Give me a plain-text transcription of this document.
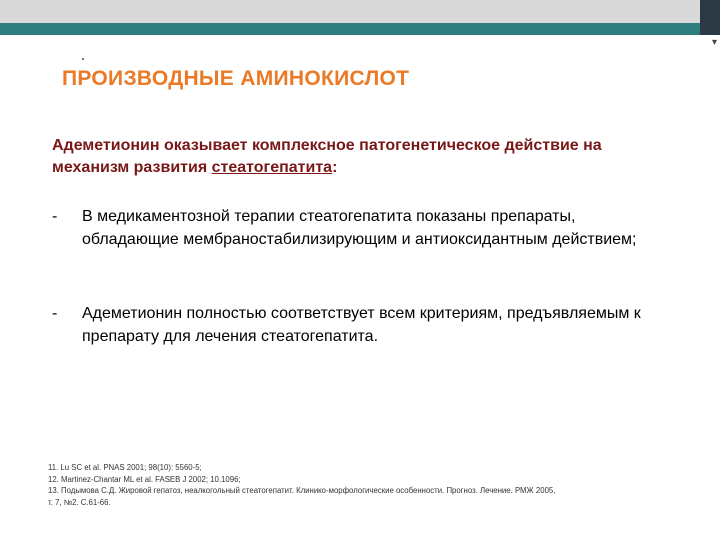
▾
ПРОИЗВОДНЫЕ АМИНОКИСЛОТ

Адеметионин оказывает комплексное патогенетическое действие на механизм развития стеатогепатита:

- В медикаментозной терапии стеатогепатита показаны препараты, обладающие мембраностабилизирующим и антиоксидантным действием;
- Адеметионин полностью соответствует всем критериям, предъявляемым к препарату для лечения стеатогепатита.
11. Lu SC et al. PNAS 2001; 98(10): 5560-5;
12. Martinez-Chantar ML et al. FASEB J 2002; 10.1096;
13. Подымова С.Д. Жировой гепатоз, неалкогольный стеатогепатит. Клинико-морфологические особенности. Прогноз. Лечение. РМЖ 2005,
т. 7, №2. С.61-66.
